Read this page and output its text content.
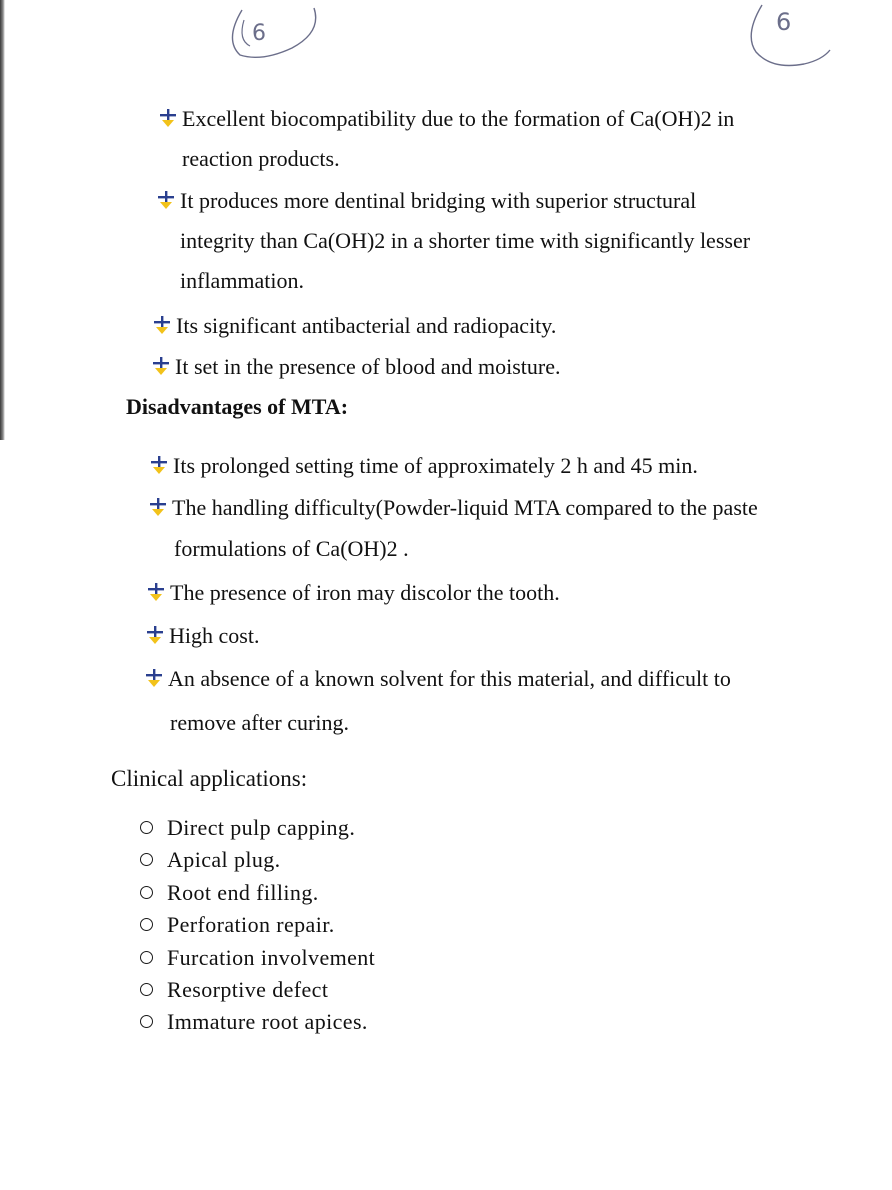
6	6
Excellent biocompatibility due to the formation of Ca(OH)2 in
reaction products.
It produces more dentinal bridging with superior structural
integrity than Ca(OH)2 in a shorter time with significantly lesser
inflammation.
Its significant antibacterial and radiopacity.
It set in the presence of blood and moisture.
Disadvantages of MTA:
Its prolonged setting time of approximately 2 h and 45 min.
The handling difficulty(Powder-liquid MTA compared to the paste
formulations of Ca(OH)2 .
The presence of iron may discolor the tooth.
High cost.
An absence of a known solvent for this material, and difficult to
remove after curing.
Clinical applications:
Direct pulp capping.
Apical plug.
Root end filling.
Perforation repair.
Furcation involvement
Resorptive defect
Immature root apices.
